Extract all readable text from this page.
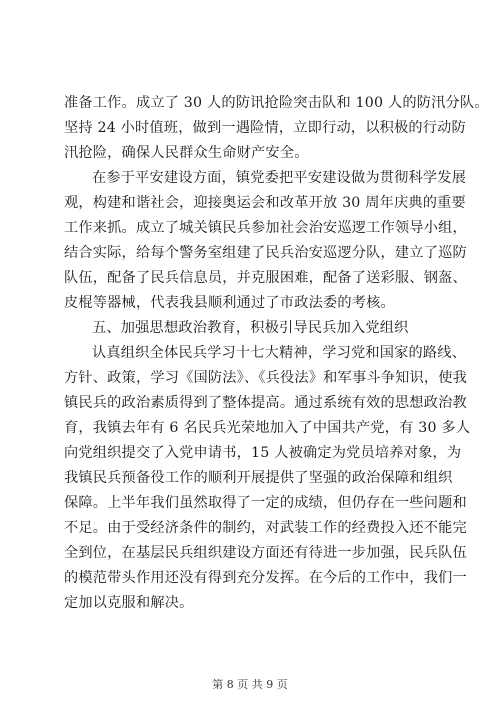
准备工作。成立了 30 人的防讯抢险突击队和 100 人的防汛分队。
坚持 24 小时值班，做到一遇险情，立即行动，以积极的行动防
汛抢险，确保人民群众生命财产安全。
在参于平安建设方面，镇党委把平安建设做为贯彻科学发展
观，构建和谐社会，迎接奥运会和改革开放 30 周年庆典的重要
工作来抓。成立了城关镇民兵参加社会治安巡逻工作领导小组，
结合实际，给每个警务室组建了民兵治安巡逻分队，建立了巡防
队伍，配备了民兵信息员，并克服困难，配备了送彩服、钢盔、
皮棍等器械，代表我县顺利通过了市政法委的考核。
五、加强思想政治教育，积极引导民兵加入党组织
认真组织全体民兵学习十七大精神，学习党和国家的路线、
方针、政策，学习《国防法》、《兵役法》和军事斗争知识，使我
镇民兵的政治素质得到了整体提高。通过系统有效的思想政治教
育，我镇去年有 6 名民兵光荣地加入了中国共产党，有 30 多人
向党组织提交了入党申请书，15 人被确定为党员培养对象，为
我镇民兵预备役工作的顺利开展提供了坚强的政治保障和组织
保障。上半年我们虽然取得了一定的成绩，但仍存在一些问题和
不足。由于受经济条件的制约，对武装工作的经费投入还不能完
全到位，在基层民兵组织建设方面还有待进一步加强，民兵队伍
的模范带头作用还没有得到充分发挥。在今后的工作中，我们一
定加以克服和解决。
第 8 页 共 9 页
